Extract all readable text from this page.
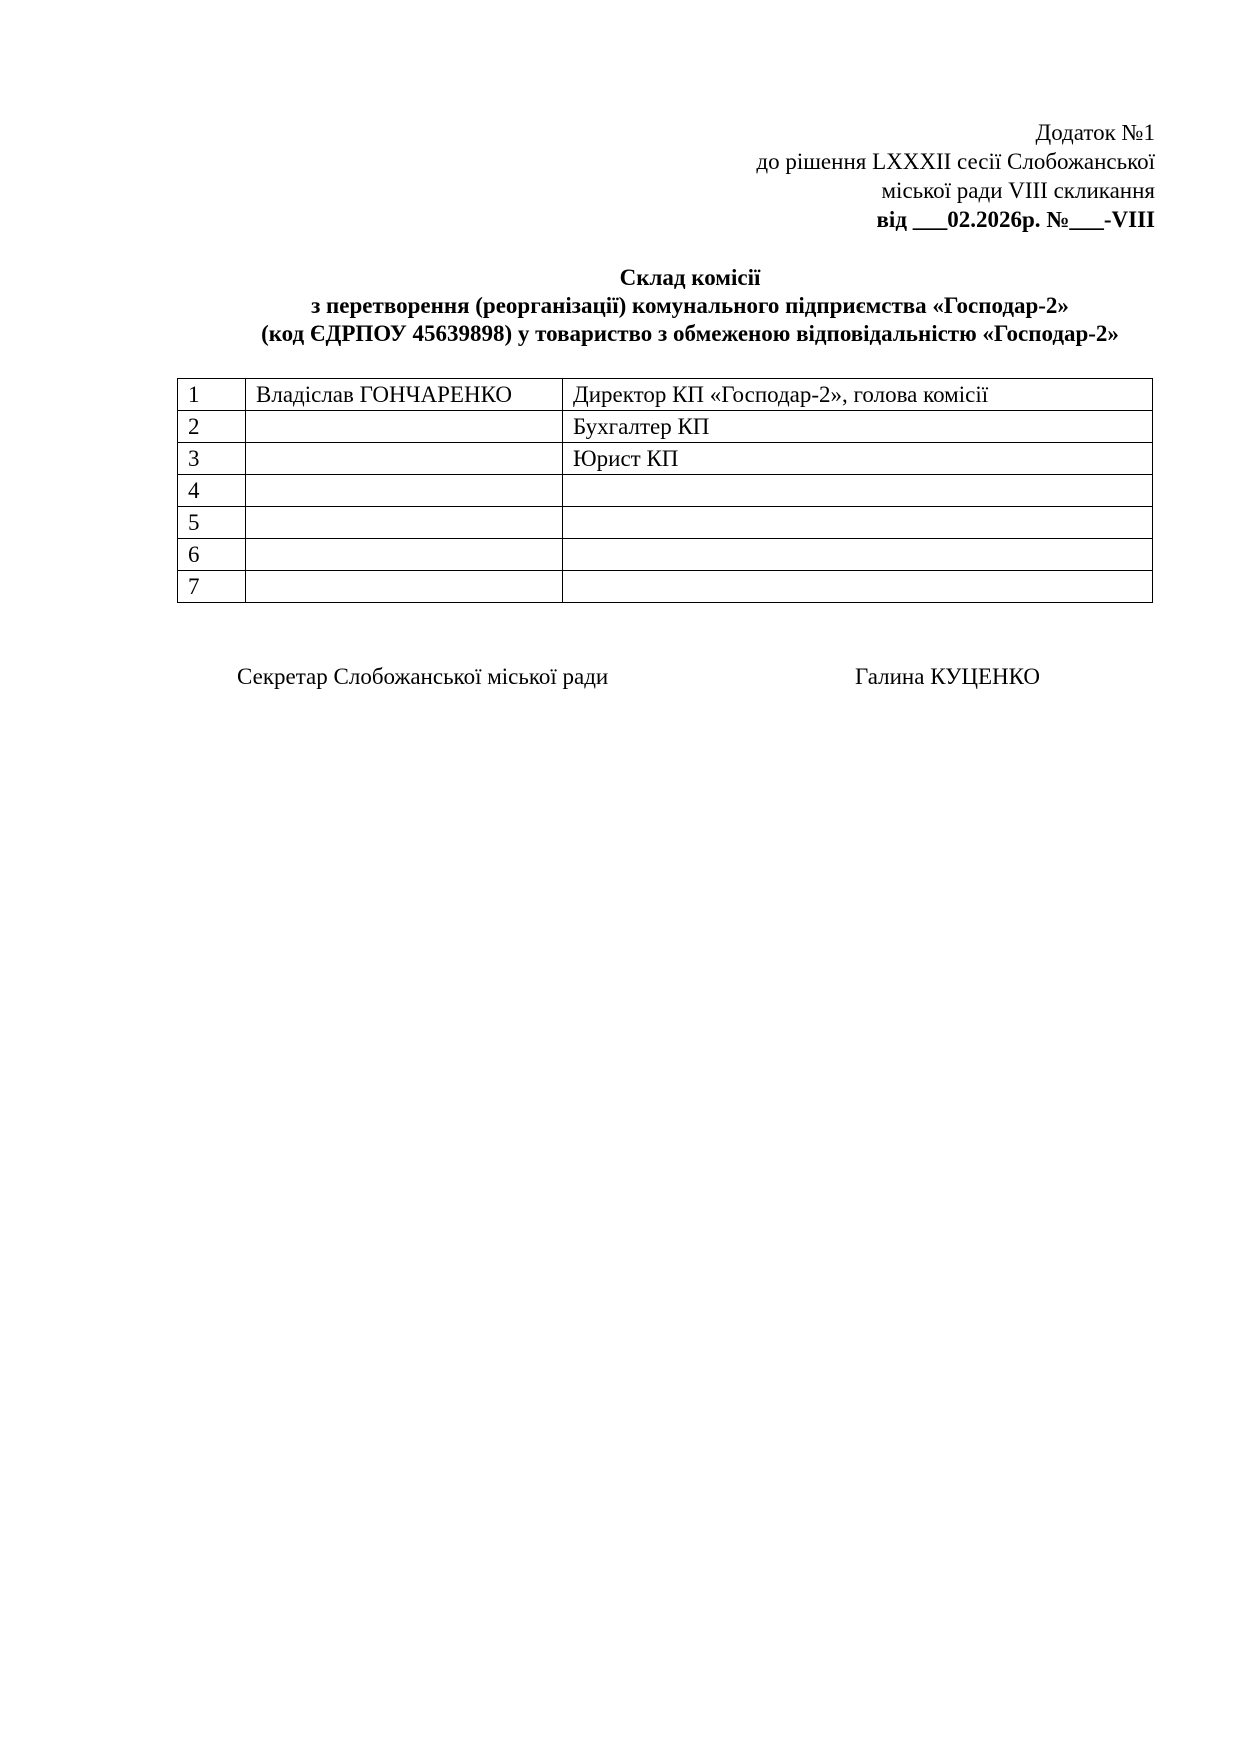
Додаток №1
до рішення LXXXII сесії Слобожанської
міської ради VIII скликання
від ___02.2026р. №___-VIII
Склад комісії
з перетворення (реорганізації) комунального підприємства «Господар-2»
(код ЄДРПОУ 45639898) у товариство з обмеженою відповідальністю «Господар-2»
1	Владіслав ГОНЧАРЕНКО	Директор КП «Господар-2», голова комісії
2		Бухгалтер КП
3		Юрист КП
4		
5		
6		
7		
Секретар Слобожанської міської ради	Галина КУЦЕНКО
